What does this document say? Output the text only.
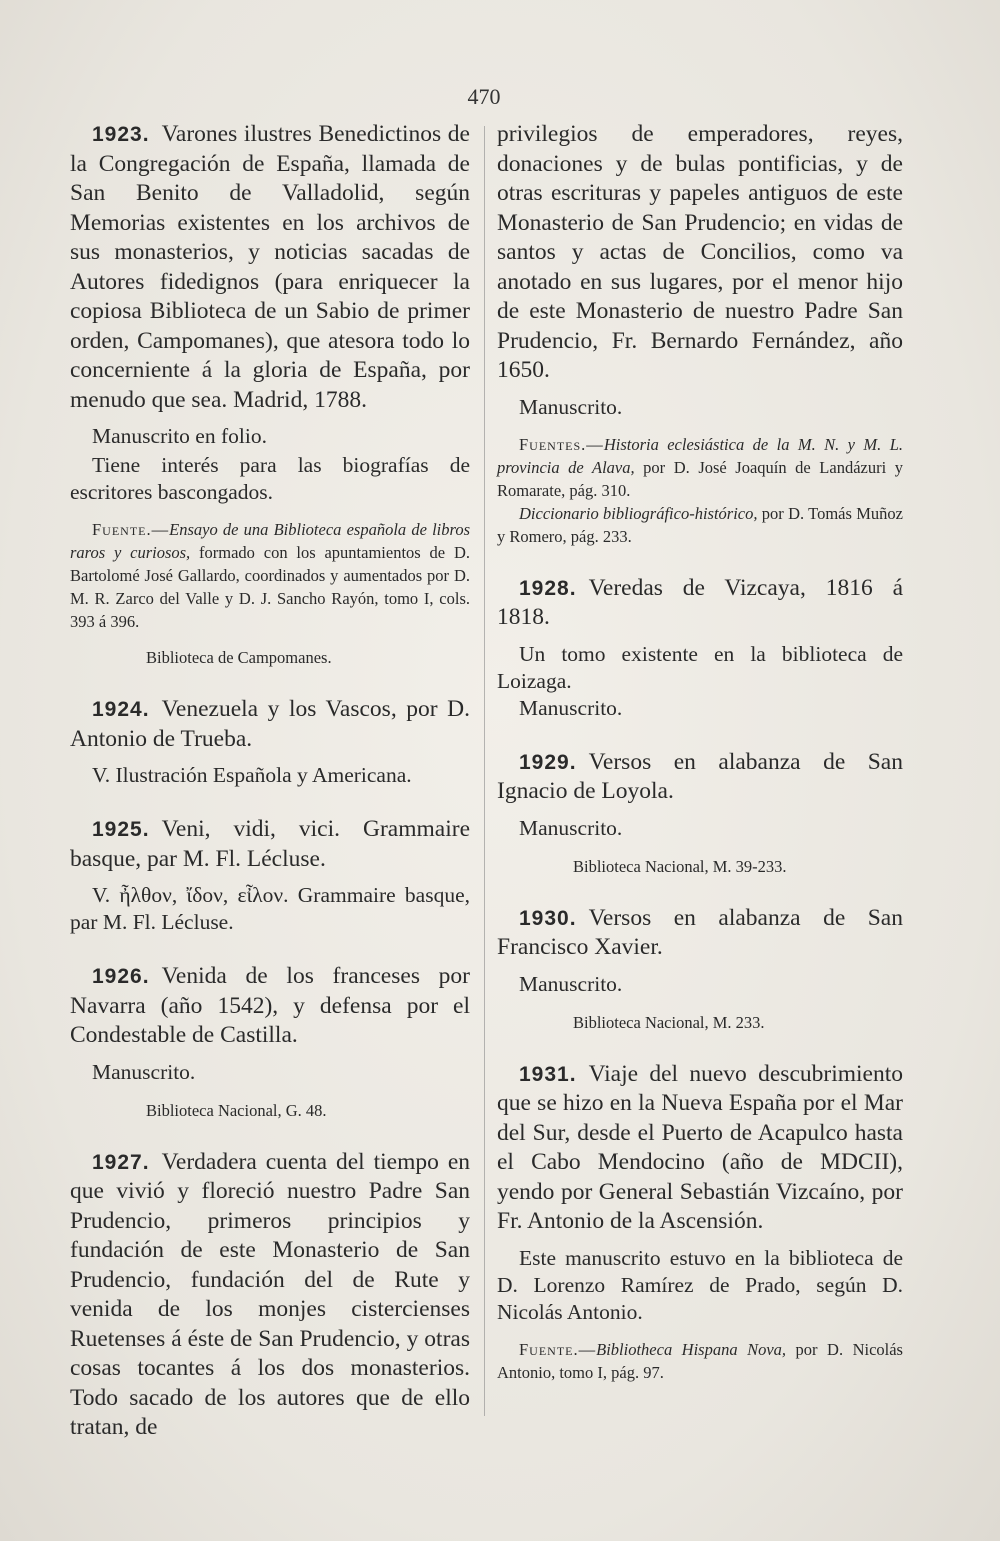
470

1923. Varones ilustres Benedictinos de la Congregación de España, llamada de San Benito de Valladolid, según Memorias existentes en los archivos de sus monasterios, y noticias sacadas de Autores fidedignos (para enriquecer la copiosa Biblioteca de un Sabio de primer orden, Campomanes), que atesora todo lo concerniente á la gloria de España, por menudo que sea. Madrid, 1788.

Manuscrito en folio.

Tiene interés para las biografías de escritores bascongados.

Fuente.—Ensayo de una Biblioteca española de libros raros y curiosos, formado con los apuntamientos de D. Bartolomé José Gallardo, coordinados y aumentados por D. M. R. Zarco del Valle y D. J. Sancho Rayón, tomo I, cols. 393 á 396.

Biblioteca de Campomanes.

1924. Venezuela y los Vascos, por D. Antonio de Trueba.

V. Ilustración Española y Americana.

1925. Veni, vidi, vici. Grammaire basque, par M. Fl. Lécluse.

V. ἦλθον, ἴδον, εἶλον. Grammaire basque, par M. Fl. Lécluse.

1926. Venida de los franceses por Navarra (año 1542), y defensa por el Condestable de Castilla.

Manuscrito.

Biblioteca Nacional, G. 48.

1927. Verdadera cuenta del tiempo en que vivió y floreció nuestro Padre San Prudencio, primeros principios y fundación de este Monasterio de San Prudencio, fundación del de Rute y venida de los monjes cistercienses Ruetenses á éste de San Prudencio, y otras cosas tocantes á los dos monasterios. Todo sacado de los autores que de ello tratan, de

privilegios de emperadores, reyes, donaciones y de bulas pontificias, y de otras escrituras y papeles antiguos de este Monasterio de San Prudencio; en vidas de santos y actas de Concilios, como va anotado en sus lugares, por el menor hijo de este Monasterio de nuestro Padre San Prudencio, Fr. Bernardo Fernández, año 1650.

Manuscrito.

Fuentes.—Historia eclesiástica de la M. N. y M. L. provincia de Alava, por D. José Joaquín de Landázuri y Romarate, pág. 310.

Diccionario bibliográfico-histórico, por D. Tomás Muñoz y Romero, pág. 233.

1928. Veredas de Vizcaya, 1816 á 1818.

Un tomo existente en la biblioteca de Loizaga.

Manuscrito.

1929. Versos en alabanza de San Ignacio de Loyola.

Manuscrito.

Biblioteca Nacional, M. 39-233.

1930. Versos en alabanza de San Francisco Xavier.

Manuscrito.

Biblioteca Nacional, M. 233.

1931. Viaje del nuevo descubrimiento que se hizo en la Nueva España por el Mar del Sur, desde el Puerto de Acapulco hasta el Cabo Mendocino (año de MDCII), yendo por General Sebastián Vizcaíno, por Fr. Antonio de la Ascensión.

Este manuscrito estuvo en la biblioteca de D. Lorenzo Ramírez de Prado, según D. Nicolás Antonio.

Fuente.—Bibliotheca Hispana Nova, por D. Nicolás Antonio, tomo I, pág. 97.
